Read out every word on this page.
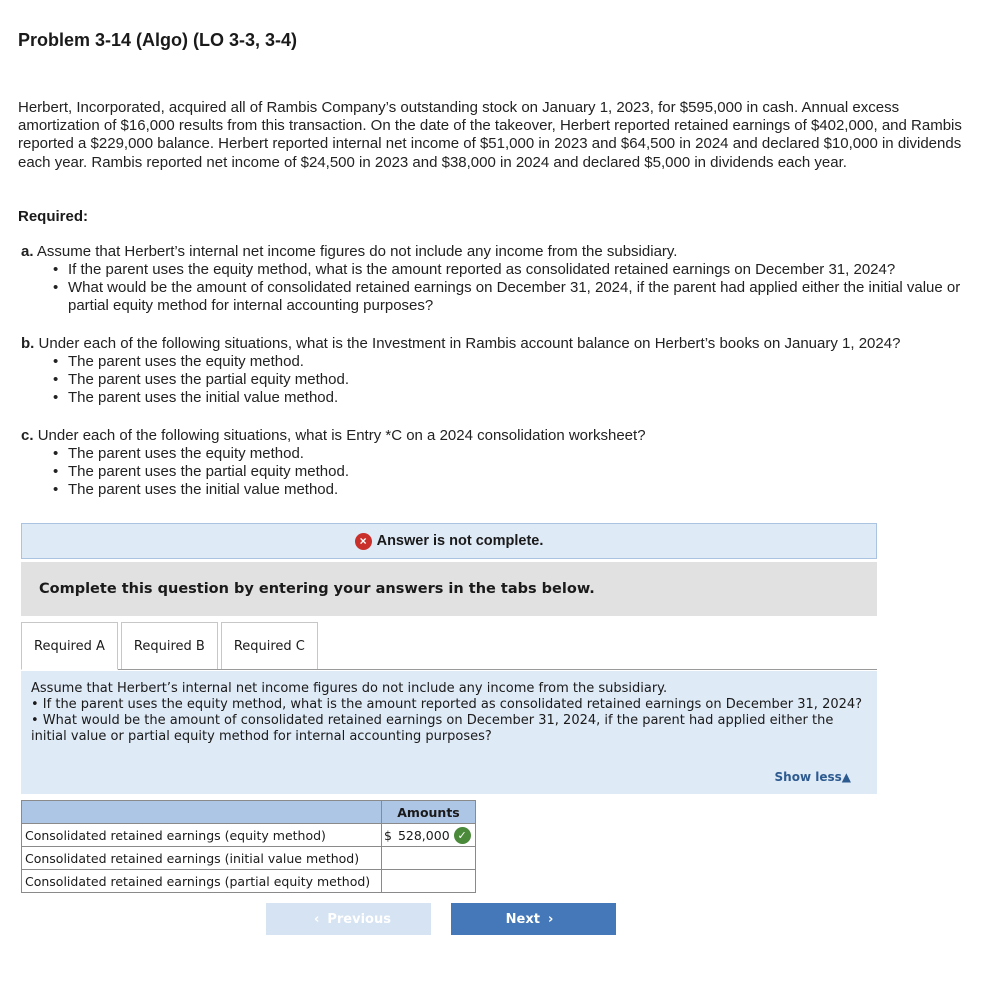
Problem 3-14 (Algo) (LO 3-3, 3-4)
Herbert, Incorporated, acquired all of Rambis Company’s outstanding stock on January 1, 2023, for $595,000 in cash. Annual excess amortization of $16,000 results from this transaction. On the date of the takeover, Herbert reported retained earnings of $402,000, and Rambis reported a $229,000 balance. Herbert reported internal net income of $51,000 in 2023 and $64,500 in 2024 and declared $10,000 in dividends each year. Rambis reported net income of $24,500 in 2023 and $38,000 in 2024 and declared $5,000 in dividends each year.
Required:
a. Assume that Herbert’s internal net income figures do not include any income from the subsidiary.
• If the parent uses the equity method, what is the amount reported as consolidated retained earnings on December 31, 2024?
• What would be the amount of consolidated retained earnings on December 31, 2024, if the parent had applied either the initial value or partial equity method for internal accounting purposes?
b. Under each of the following situations, what is the Investment in Rambis account balance on Herbert’s books on January 1, 2024?
• The parent uses the equity method.
• The parent uses the partial equity method.
• The parent uses the initial value method.
c. Under each of the following situations, what is Entry *C on a 2024 consolidation worksheet?
• The parent uses the equity method.
• The parent uses the partial equity method.
• The parent uses the initial value method.
× Answer is not complete.
Complete this question by entering your answers in the tabs below.
Required A	Required B	Required C
Assume that Herbert’s internal net income figures do not include any income from the subsidiary.
• If the parent uses the equity method, what is the amount reported as consolidated retained earnings on December 31, 2024?
• What would be the amount of consolidated retained earnings on December 31, 2024, if the parent had applied either the initial value or partial equity method for internal accounting purposes?
Show less▲
	Amounts
Consolidated retained earnings (equity method)	$ 528,000 ✓

Consolidated retained earnings (initial value method)	
Consolidated retained earnings (partial equity method)	
‹ Previous	Next ›
